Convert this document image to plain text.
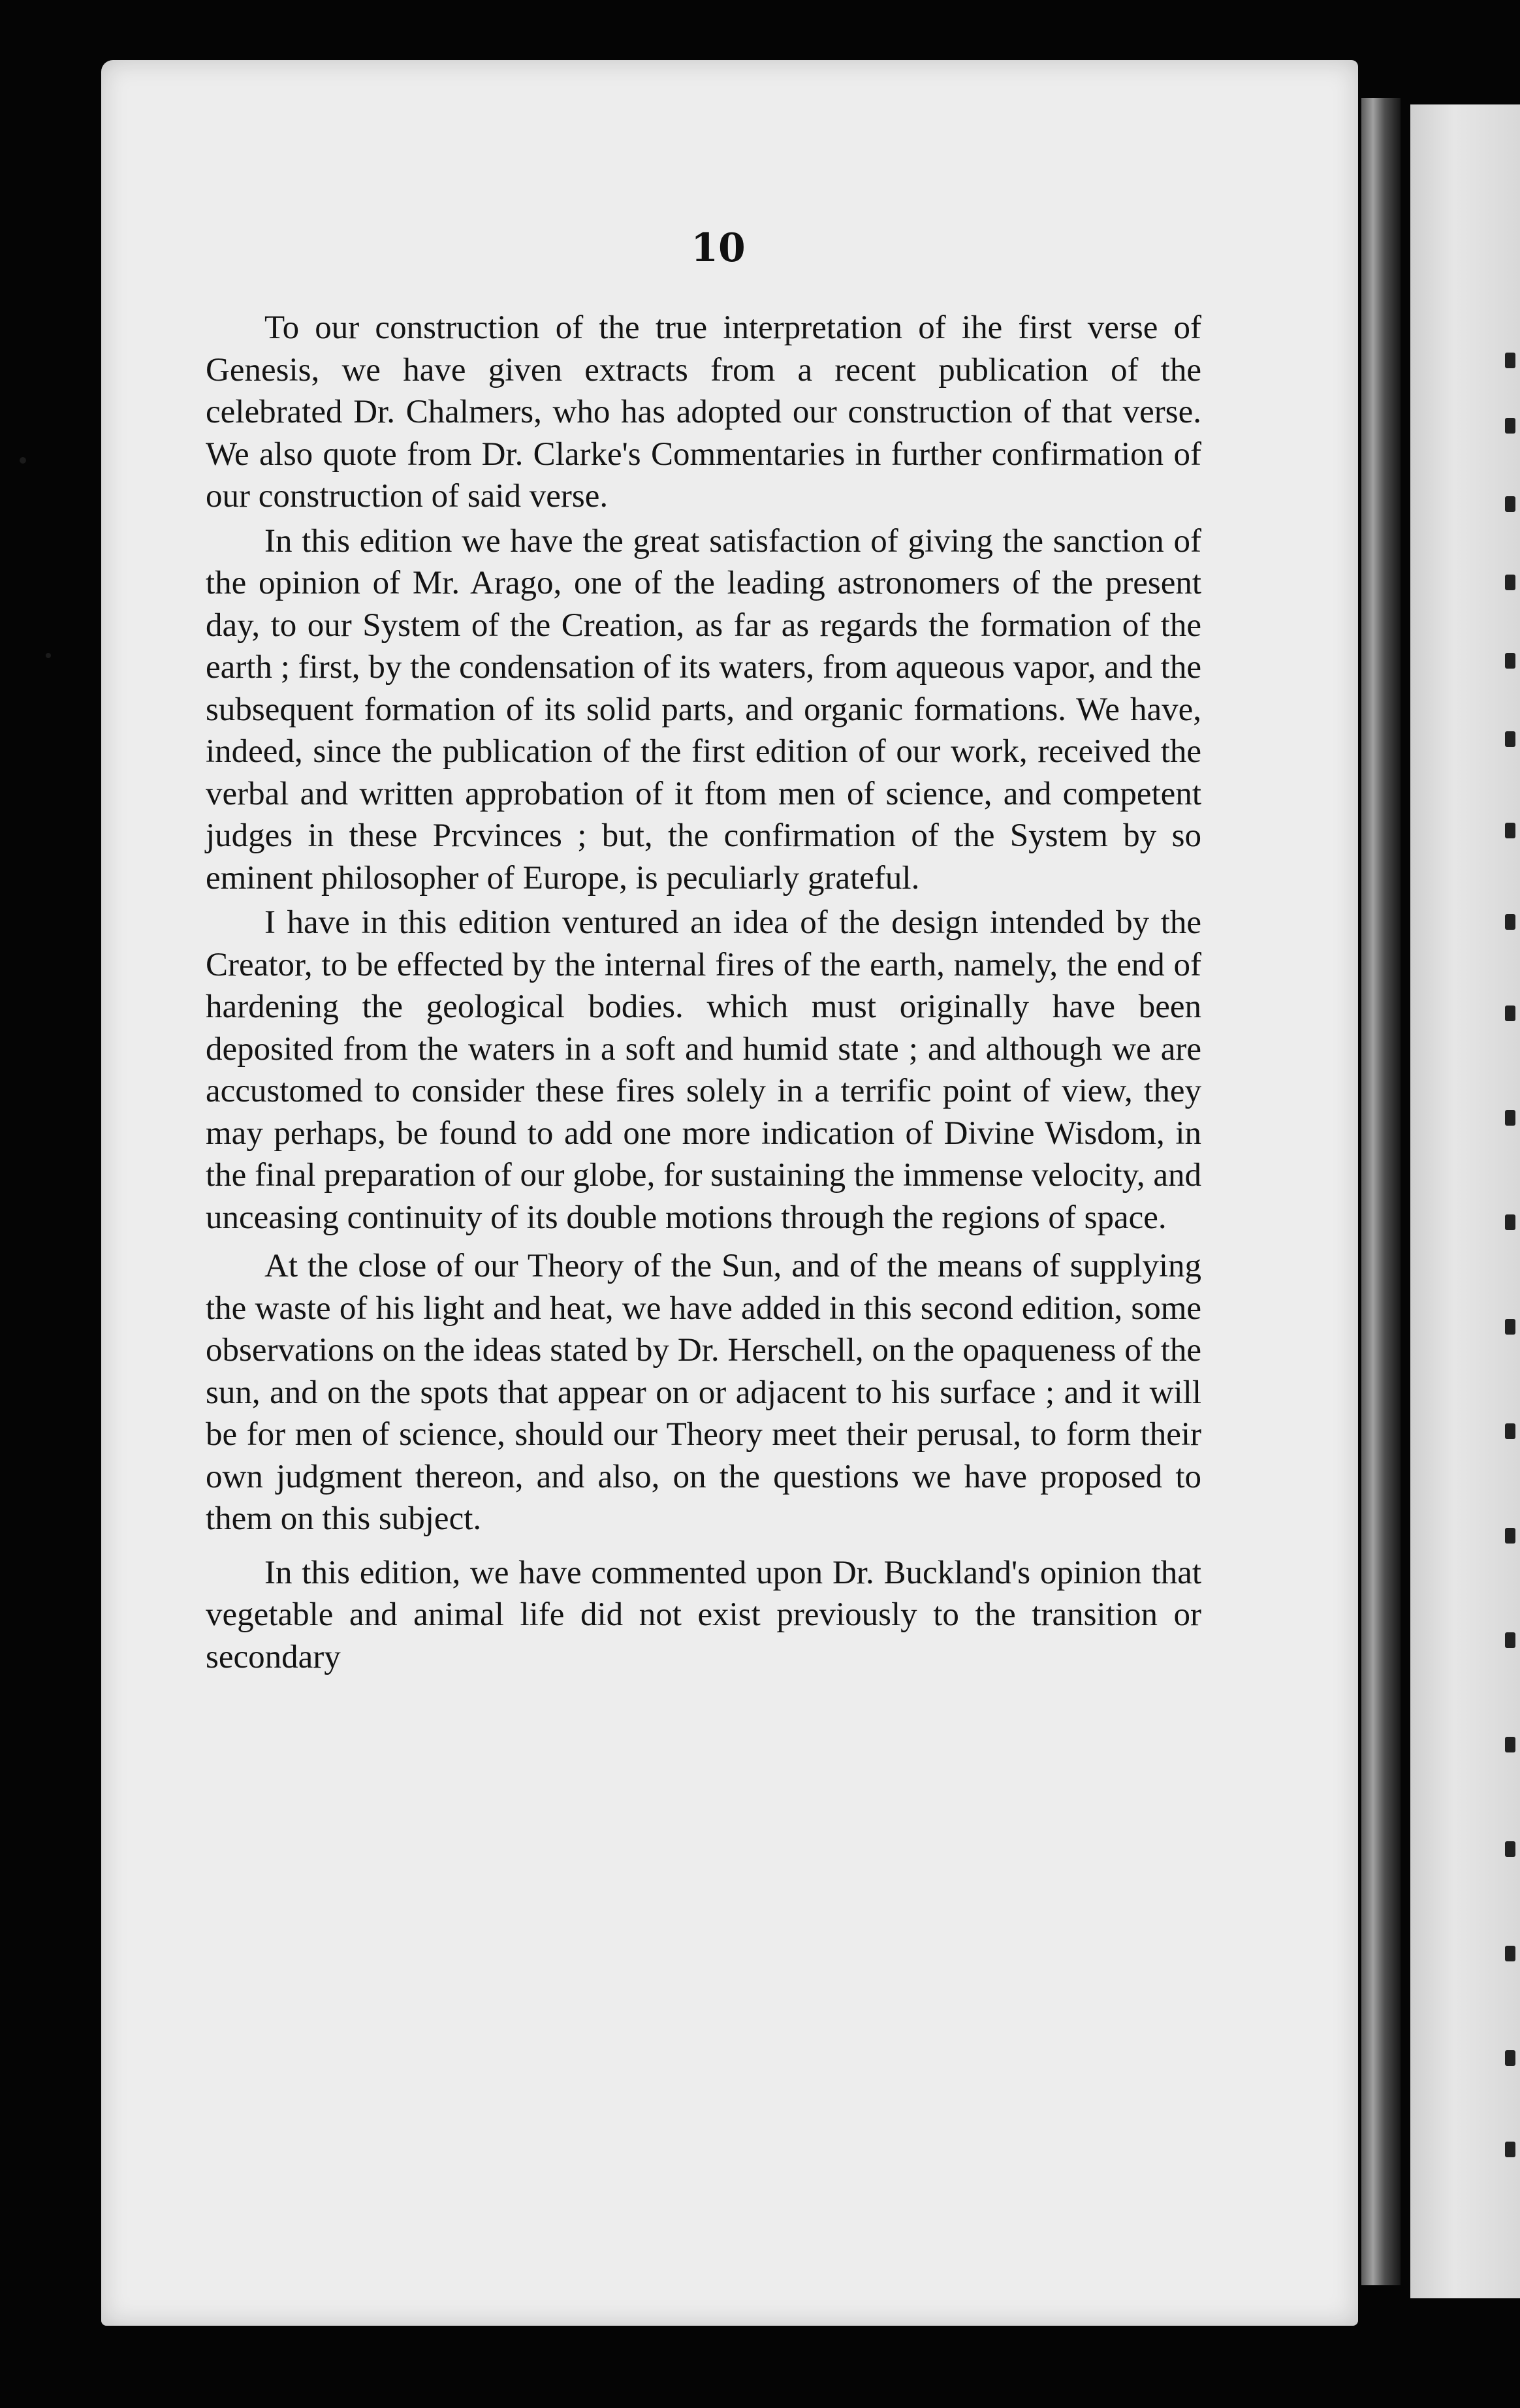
10

To our construction of the true interpretation of ihe first verse of Genesis, we have given extracts from a recent publication of the celebrated Dr. Chalmers, who has adopted our construction of that verse. We also quote from Dr. Clarke's Commentaries in further confirmation of our construction of said verse.

In this edition we have the great satisfaction of giving the sanction of the opinion of Mr. Arago, one of the leading astronomers of the present day, to our System of the Creation, as far as regards the formation of the earth ; first, by the condensation of its waters, from aqueous vapor, and the subsequent formation of its solid parts, and organic formations. We have, indeed, since the publication of the first edition of our work, received the verbal and written approbation of it ftom men of science, and competent judges in these Prcvinces ; but, the confirmation of the System by so eminent philosopher of Europe, is peculiarly grateful.

I have in this edition ventured an idea of the design intended by the Creator, to be effected by the internal fires of the earth, namely, the end of hardening the geological bodies. which must originally have been deposited from the waters in a soft and humid state ; and although we are accustomed to consider these fires solely in a terrific point of view, they may perhaps, be found to add one more indication of Divine Wisdom, in the final preparation of our globe, for sustaining the immense velocity, and unceasing continuity of its double motions through the regions of space.

At the close of our Theory of the Sun, and of the means of supplying the waste of his light and heat, we have added in this second edition, some observations on the ideas stated by Dr. Herschell, on the opaqueness of the sun, and on the spots that appear on or adjacent to his surface ; and it will be for men of science, should our Theory meet their perusal, to form their own judgment thereon, and also, on the questions we have proposed to them on this subject.

In this edition, we have commented upon Dr. Buckland's opinion that vegetable and animal life did not exist previously to the transition or secondary
